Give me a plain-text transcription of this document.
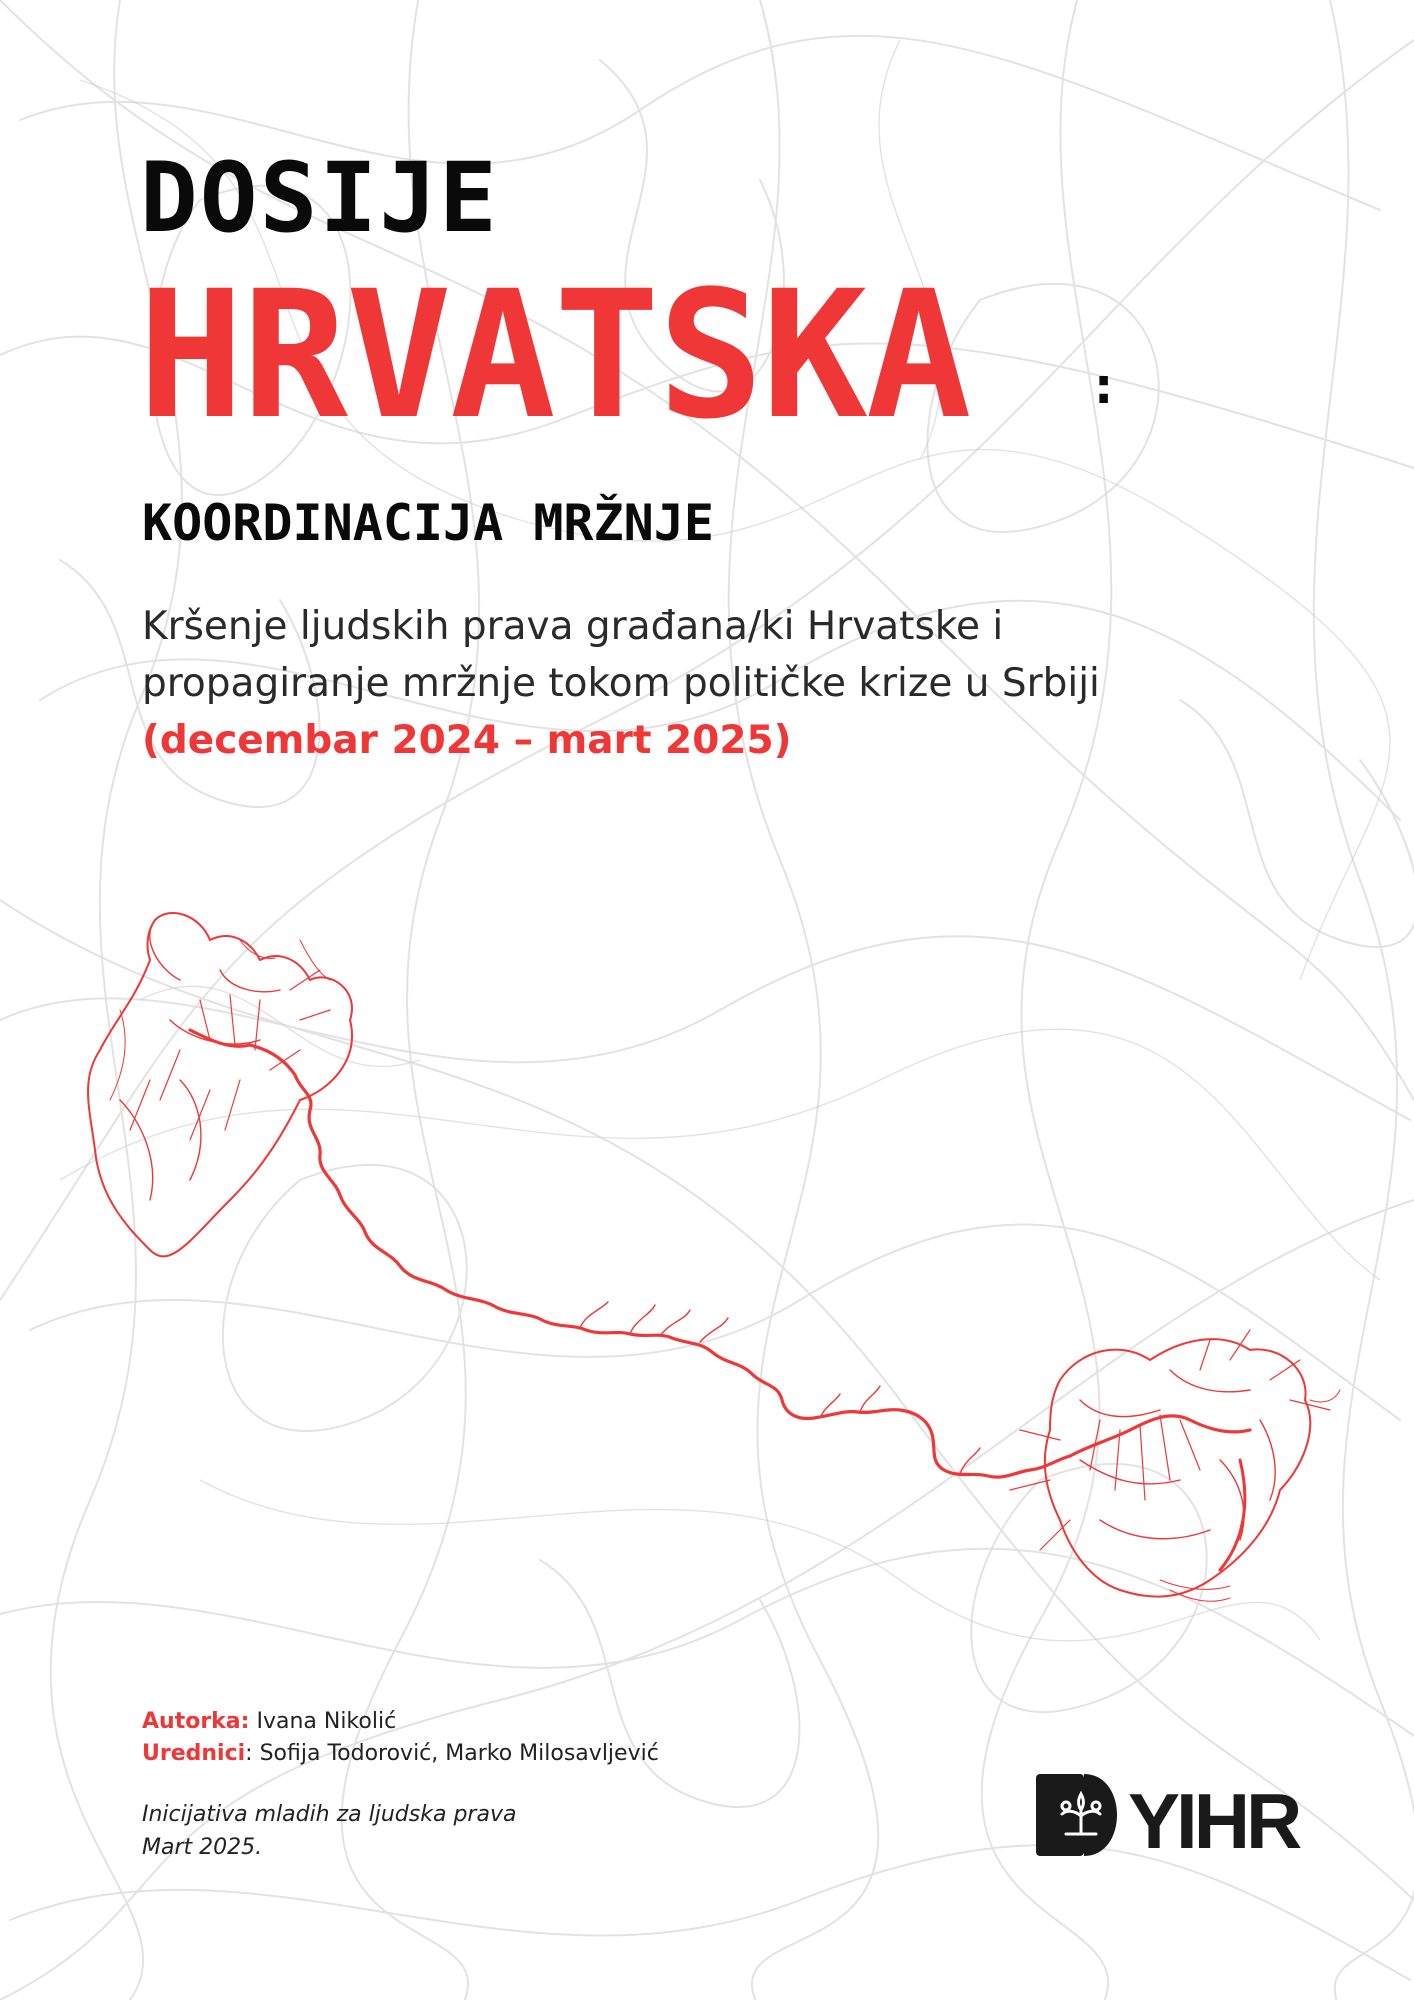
DOSIJE
HRVATSKA :
KOORDINACIJA MRŽNJE
Kršenje ljudskih prava građana/ki Hrvatske i propagiranje mržnje tokom političke krize u Srbiji   (decembar 2024 – mart 2025)
Autorka: Ivana Nikolić
Urednici: Sofija Todorović, Marko Milosavljević
Inicijativa mladih za ljudska prava
Mart 2025.	YIHR
